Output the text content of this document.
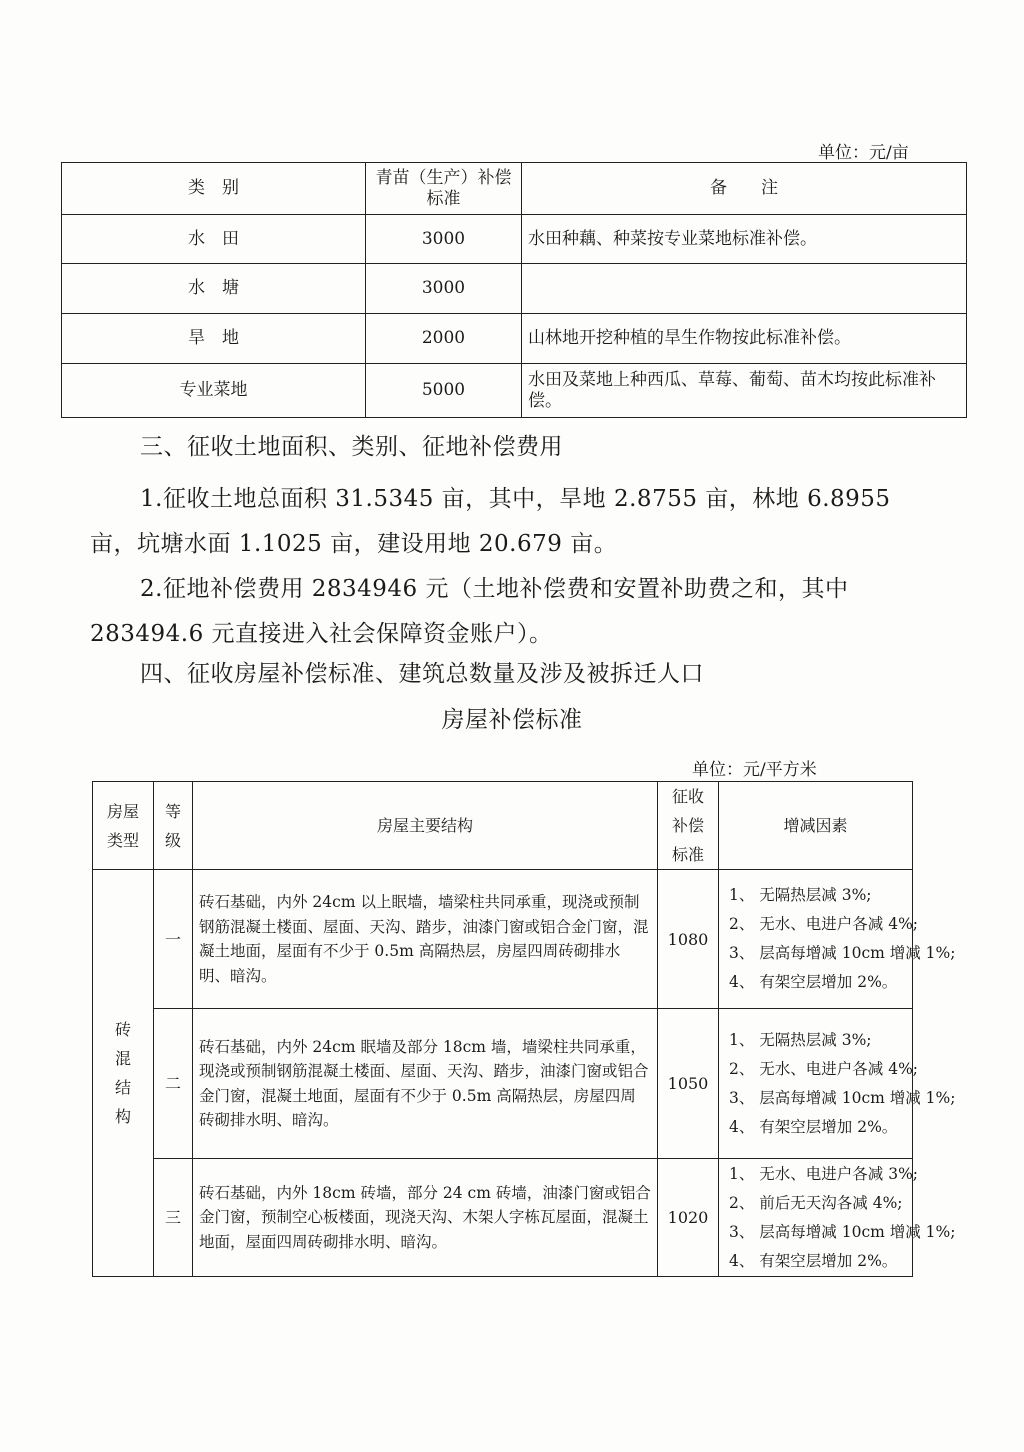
单位：元/亩
类　别	青苗（生产）补偿标准	备　　注
水　田	3000	水田种藕、种菜按专业菜地标准补偿。
水　塘	3000	
旱　地	2000	山林地开挖种植的旱生作物按此标准补偿。
专业菜地	5000	水田及菜地上种西瓜、草莓、葡萄、苗木均按此标准补偿。
三、征收土地面积、类别、征地补偿费用
1.征收土地总面积 31.5345 亩，其中，旱地 2.8755 亩，林地 6.8955 亩，坑塘水面 1.1025 亩，建设用地 20.679 亩。
2.征地补偿费用 2834946 元（土地补偿费和安置补助费之和，其中 283494.6 元直接进入社会保障资金账户）。
四、征收房屋补偿标准、建筑总数量及涉及被拆迁人口
房屋补偿标准
单位：元/平方米
房屋类型	等级	房屋主要结构	征收补偿标准	增减因素
砖混结构	一	砖石基础，内外 24cm 以上眠墙，墙梁柱共同承重，现浇或预制钢筋混凝土楼面、屋面、天沟、踏步，油漆门窗或铝合金门窗，混凝土地面，屋面有不少于 0.5m 高隔热层，房屋四周砖砌排水明、暗沟。	1080	1、 无隔热层减 3%;
2、 无水、电进户各减 4%;
3、 层高每增减 10cm 增减 1%;
4、 有架空层增加 2%。

	二	砖石基础，内外 24cm 眠墙及部分 18cm 墙，墙梁柱共同承重，现浇或预制钢筋混凝土楼面、屋面、天沟、踏步，油漆门窗或铝合金门窗，混凝土地面，屋面有不少于 0.5m 高隔热层，房屋四周砖砌排水明、暗沟。	1050	1、 无隔热层减 3%;
2、 无水、电进户各减 4%;
3、 层高每增减 10cm 增减 1%;
4、 有架空层增加 2%。

	三	砖石基础，内外 18cm 砖墙，部分 24 cm 砖墙，油漆门窗或铝合金门窗，预制空心板楼面，现浇天沟、木架人字栋瓦屋面，混凝土地面，屋面四周砖砌排水明、暗沟。	1020	1、 无水、电进户各减 3%;
2、 前后无天沟各减 4%;
3、 层高每增减 10cm 增减 1%;
4、 有架空层增加 2%。
